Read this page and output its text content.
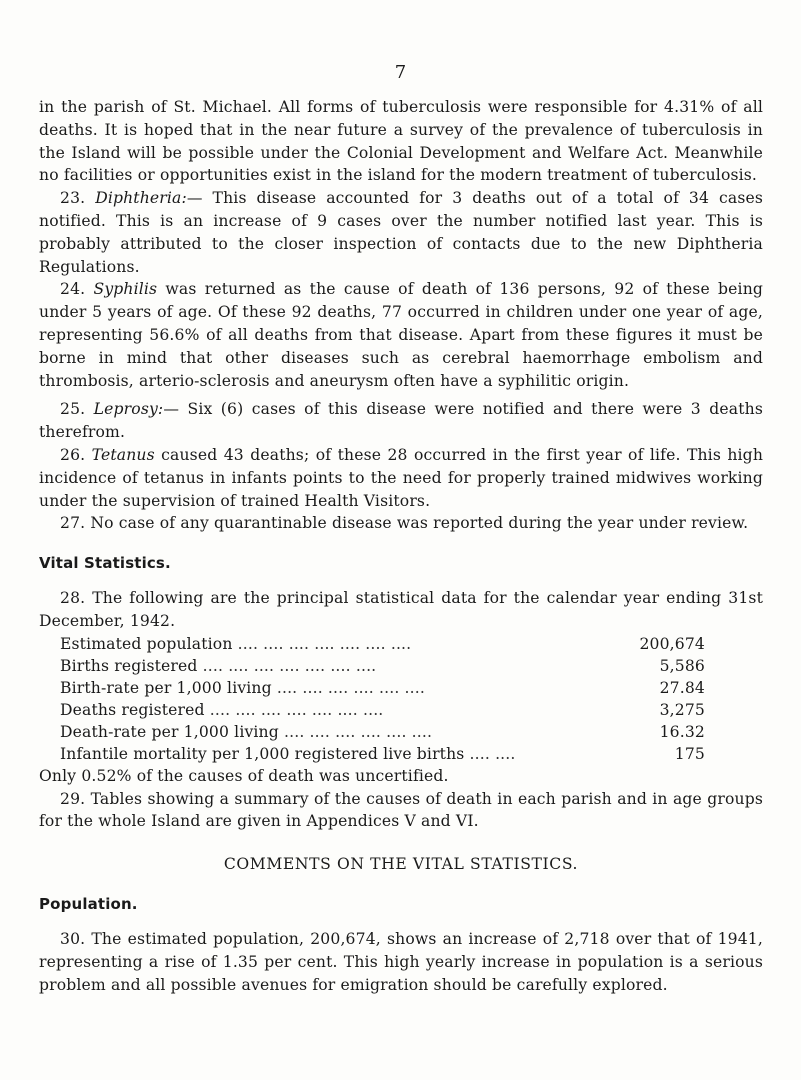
7

in the parish of St. Michael. All forms of tuberculosis were responsible for 4.31% of all deaths. It is hoped that in the near future a survey of the prevalence of tuberculosis in the Island will be possible under the Colonial Development and Welfare Act. Meanwhile no facilities or opportunities exist in the island for the modern treatment of tuberculosis.

23. Diphtheria:— This disease accounted for 3 deaths out of a total of 34 cases notified. This is an increase of 9 cases over the number notified last year. This is probably attributed to the closer inspection of contacts due to the new Diphtheria Regulations.

24. Syphilis was returned as the cause of death of 136 persons, 92 of these being under 5 years of age. Of these 92 deaths, 77 occurred in children under one year of age, representing 56.6% of all deaths from that disease. Apart from these figures it must be borne in mind that other diseases such as cerebral haemorrhage embolism and thrombosis, arterio-sclerosis and aneurysm often have a syphilitic origin.

25. Leprosy:— Six (6) cases of this disease were notified and there were 3 deaths therefrom.

26. Tetanus caused 43 deaths; of these 28 occurred in the first year of life. This high incidence of tetanus in infants points to the need for properly trained midwives working under the supervision of trained Health Visitors.

27. No case of any quarantinable disease was reported during the year under review.

Vital Statistics.

28. The following are the principal statistical data for the calendar year ending 31st December, 1942.

Estimated population .... .... .... .... .... .... ....	200,674
Births registered .... .... .... .... .... .... ....	5,586
Birth-rate per 1,000 living .... .... .... .... .... ....	27.84
Deaths registered .... .... .... .... .... .... ....	3,275
Death-rate per 1,000 living .... .... .... .... .... ....	16.32
Infantile mortality per 1,000 registered live births .... ....	175

Only 0.52% of the causes of death was uncertified.

29. Tables showing a summary of the causes of death in each parish and in age groups for the whole Island are given in Appendices V and VI.

COMMENTS ON THE VITAL STATISTICS.
Population.

30. The estimated population, 200,674, shows an increase of 2,718 over that of 1941, representing a rise of 1.35 per cent. This high yearly increase in population is a serious problem and all possible avenues for emigration should be carefully explored.
